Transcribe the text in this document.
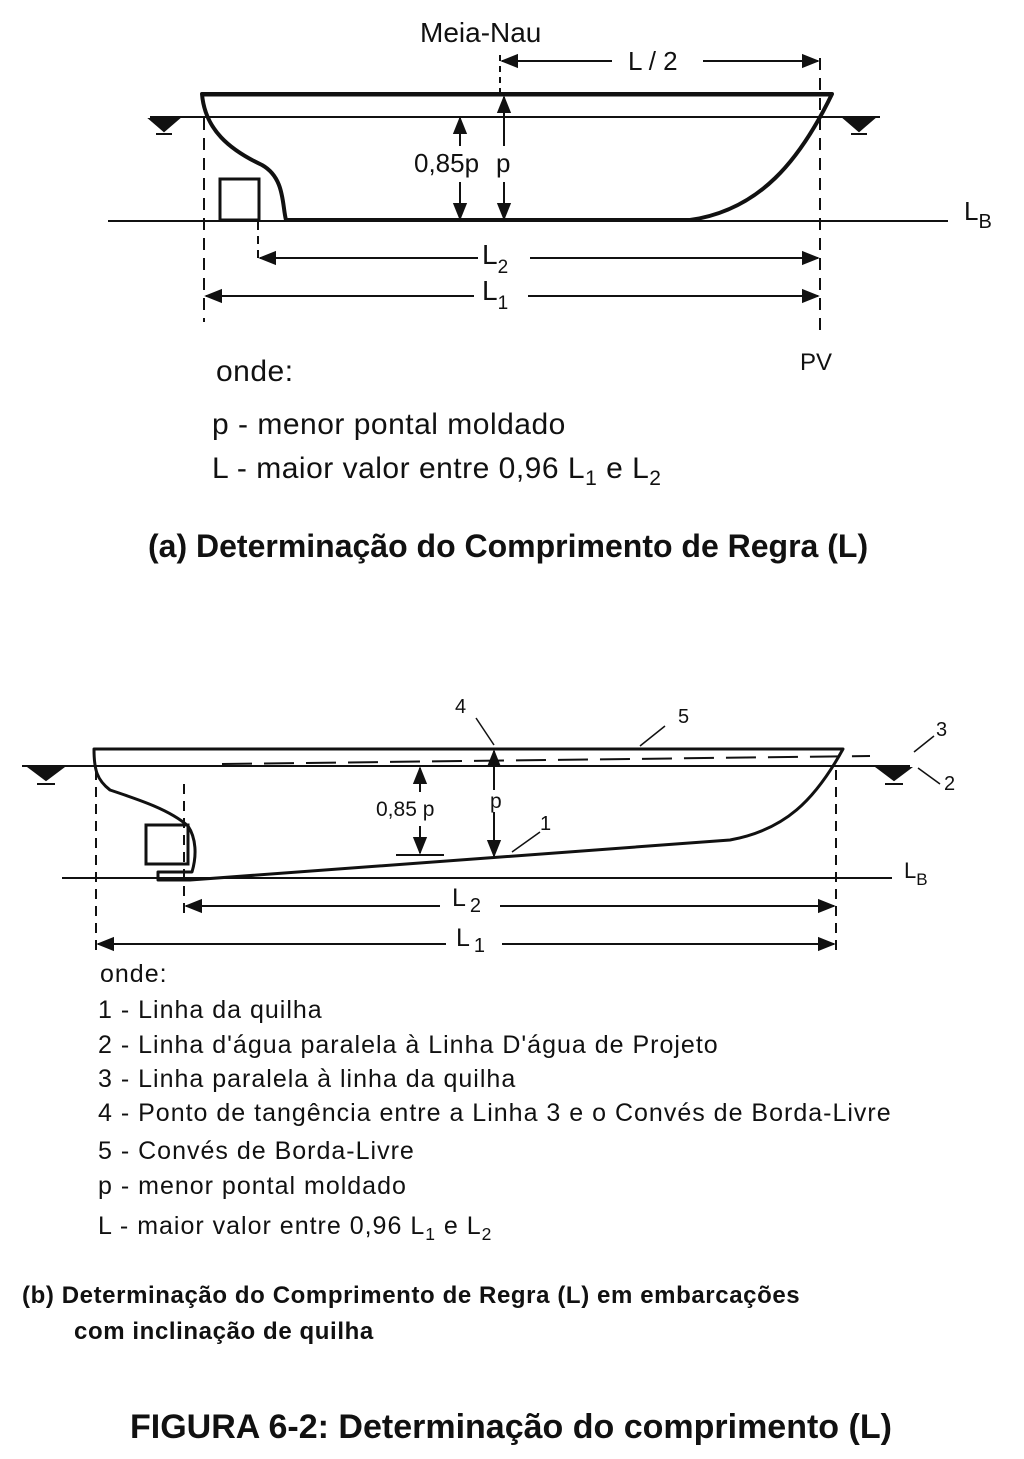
Meia-Nau
L / 2
0,85p p
$L_B$
$L_2$
$L_1$
PV
4	5
3
2
1
0,85 p	p
$L_B$
L $_2$
L $_1$
onde:
p - menor pontal moldado
L - maior valor entre 0,96 $L_1$ e $L_2$
(a) Determinação do Comprimento de Regra (L)
onde:
1 - Linha da quilha
2 - Linha d'água paralela à Linha D'água de Projeto
3 - Linha paralela à linha da quilha
4 - Ponto de tangência entre a Linha 3 e o Convés de Borda-Livre
5 - Convés de Borda-Livre
p - menor pontal moldado
L - maior valor entre 0,96 $L_1$ e $L_2$
(b) Determinação do Comprimento de Regra (L) em embarcações
com inclinação de quilha
FIGURA 6-2: Determinação do comprimento (L)
